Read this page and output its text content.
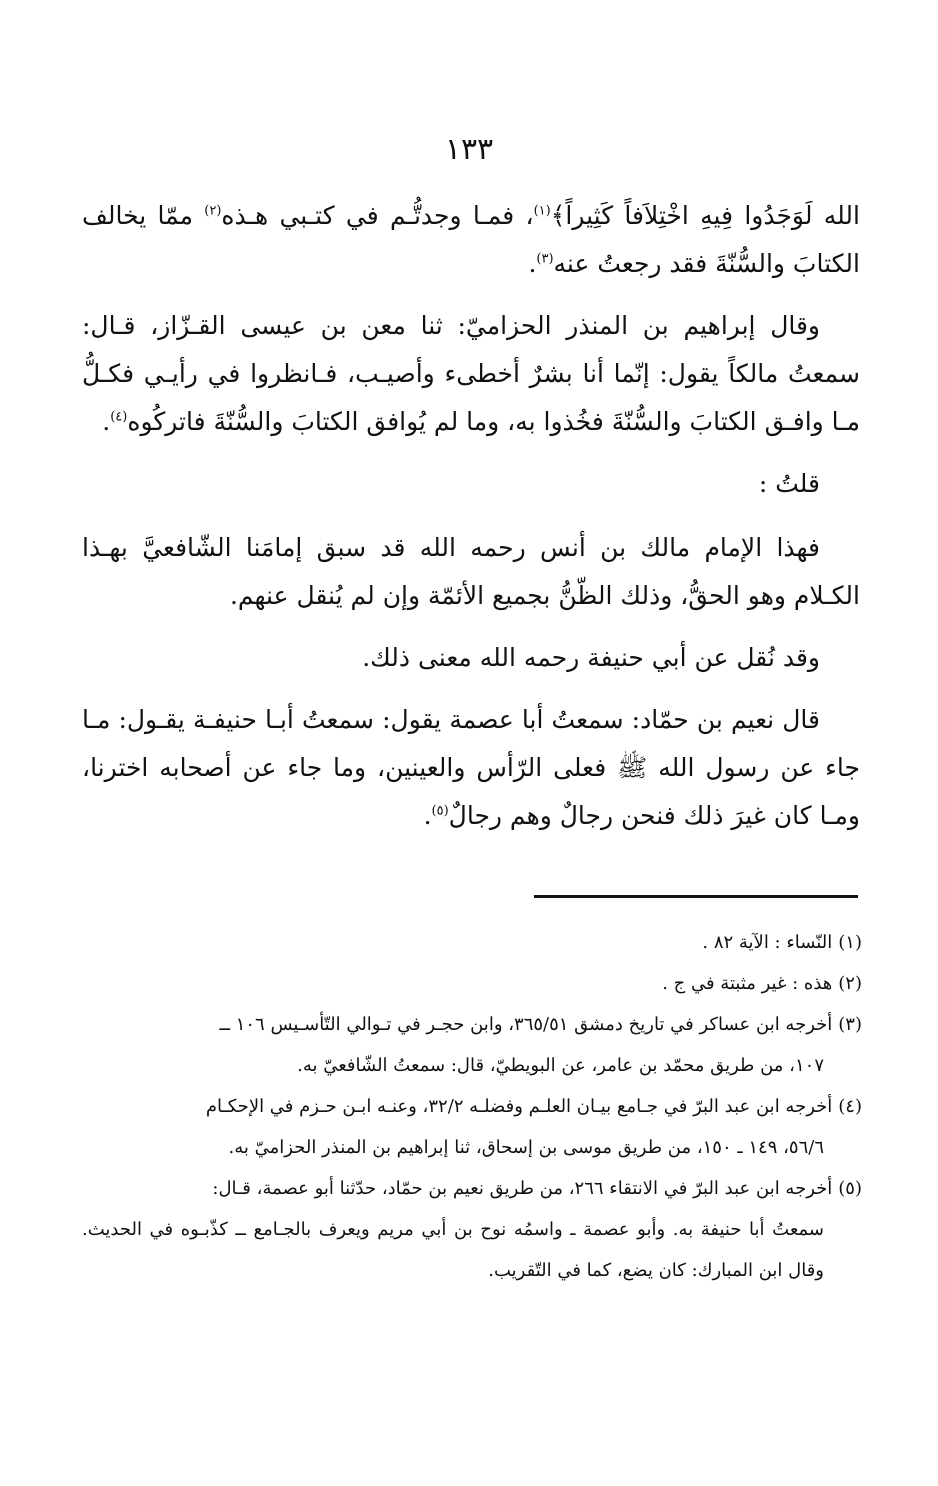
١٣٣

الله لَوَجَدُوا فِيهِ اخْتِلاَفاً كَثِيراً﴾$^{(١)}$، فمـا وجدتُّـم في كتـبي هـذه$^{(٢)}$ ممّا يخالف الكتابَ والسُّنّةَ فقد رجعتُ عنه$^{(٣)}$.

وقال إبراهيم بن المنذر الحزاميّ: ثنا معن بن عيسى القـزّاز، قـال: سمعتُ مالكاً يقول: إنّما أنا بشرٌ أخطىء وأصيـب، فـانظروا في رأيـي فكـلُّ مـا وافـق الكتابَ والسُّنّةَ فخُذوا به، وما لم يُوافق الكتابَ والسُّنّةَ فاتركُوه$^{(٤)}$.

قلتُ :

فهذا الإمام مالك بن أنس رحمه الله قد سبق إمامَنا الشّافعيَّ بهـذا الكـلام وهو الحقُّ، وذلك الظّنُّ بجميع الأئمّة وإن لم يُنقل عنهم.

وقد نُقل عن أبي حنيفة رحمه الله معنى ذلك.

قال نعيم بن حمّاد: سمعتُ أبا عصمة يقول: سمعتُ أبـا حنيفـة يقـول: مـا جاء عن رسول الله ﷺ فعلى الرّأس والعينين، وما جاء عن أصحابه اخترنا، ومـا كان غيرَ ذلك فنحن رجالٌ وهم رجالٌ$^{(٥)}$.

(١)النّساء : الآية ٨٢ .
(٢)هذه : غير مثبتة في ج .
(٣)أخرجه ابن عساكر في تاريخ دمشق ٣٦٥/٥١، وابن حجـر في تـوالي التّأسـيس ١٠٦ ــ
١٠٧، من طريق محمّد بن عامر، عن البويطيّ، قال: سمعتُ الشّافعيّ به.
(٤)أخرجه ابن عبد البرّ في جـامع بيـان العلـم وفضلـه ٣٢/٢، وعنـه ابـن حـزم في الإحكـام
٥٦/٦، ١٤٩ ـ ١٥٠، من طريق موسى بن إسحاق، ثنا إبراهيم بن المنذر الحزاميّ به.
(٥)أخرجه ابن عبد البرّ في الانتقاء ٢٦٦، من طريق نعيم بن حمّاد، حدّثنا أبو عصمة، قـال:
سمعتُ أبا حنيفة به. وأبو عصمة ـ واسمُه نوح بن أبي مريم ويعرف بالجـامع ــ كذّبـوه في الحديث. وقال ابن المبارك: كان يضع، كما في التّقريب.
